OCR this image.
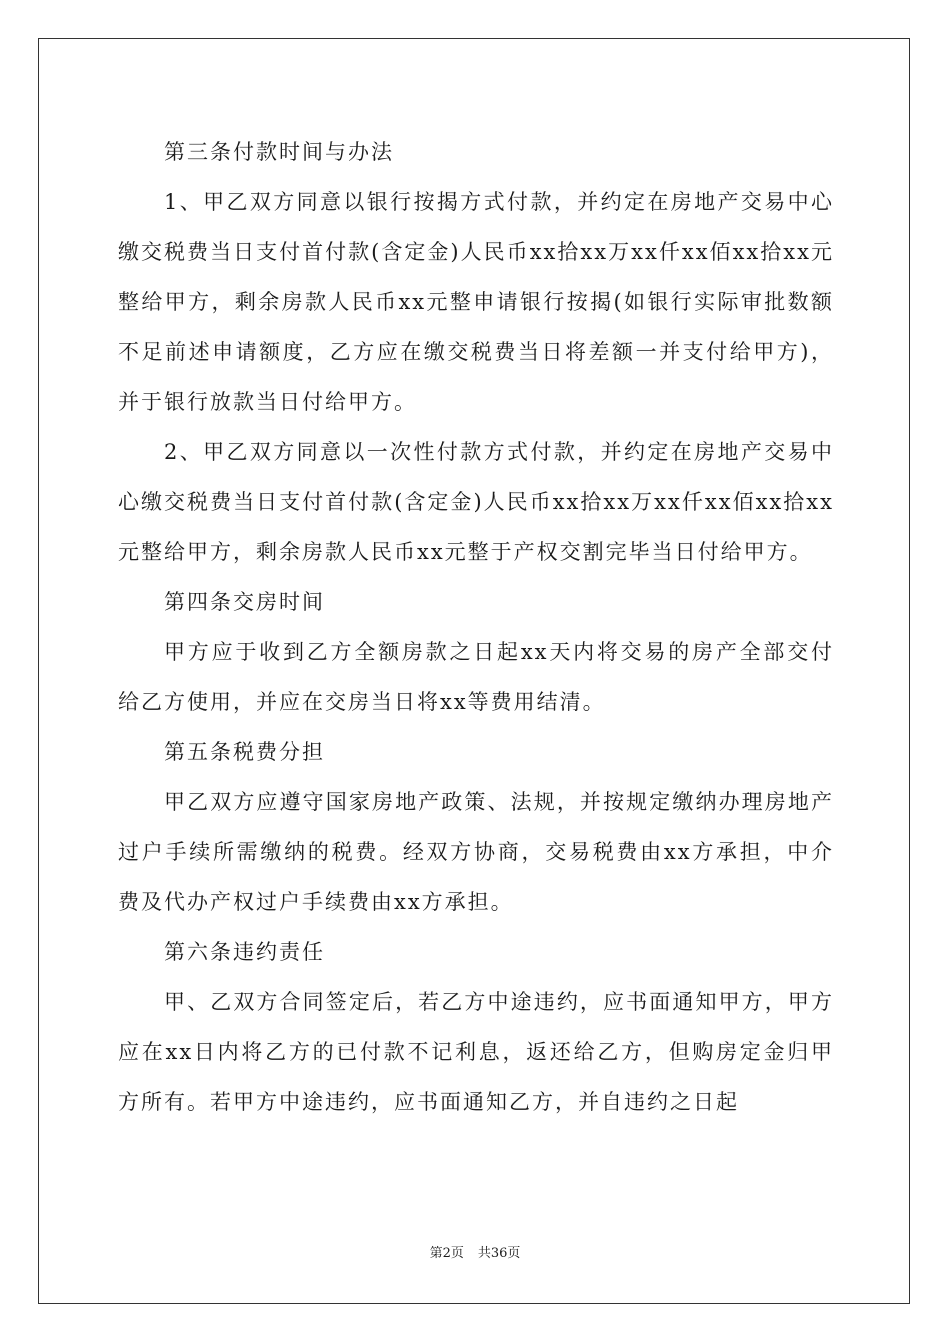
第三条付款时间与办法

1、甲乙双方同意以银行按揭方式付款，并约定在房地产交易中心缴交税费当日支付首付款(含定金)人民币xx拾xx万xx仟xx佰xx拾xx元整给甲方，剩余房款人民币xx元整申请银行按揭(如银行实际审批数额不足前述申请额度，乙方应在缴交税费当日将差额一并支付给甲方)，并于银行放款当日付给甲方。

2、甲乙双方同意以一次性付款方式付款，并约定在房地产交易中心缴交税费当日支付首付款(含定金)人民币xx拾xx万xx仟xx佰xx拾xx元整给甲方，剩余房款人民币xx元整于产权交割完毕当日付给甲方。

第四条交房时间

甲方应于收到乙方全额房款之日起xx天内将交易的房产全部交付给乙方使用，并应在交房当日将xx等费用结清。

第五条税费分担

甲乙双方应遵守国家房地产政策、法规，并按规定缴纳办理房地产过户手续所需缴纳的税费。经双方协商，交易税费由xx方承担，中介费及代办产权过户手续费由xx方承担。

第六条违约责任

甲、乙双方合同签定后，若乙方中途违约，应书面通知甲方，甲方应在xx日内将乙方的已付款不记利息，返还给乙方，但购房定金归甲方所有。若甲方中途违约，应书面通知乙方，并自违约之日起

第2页 共36页
